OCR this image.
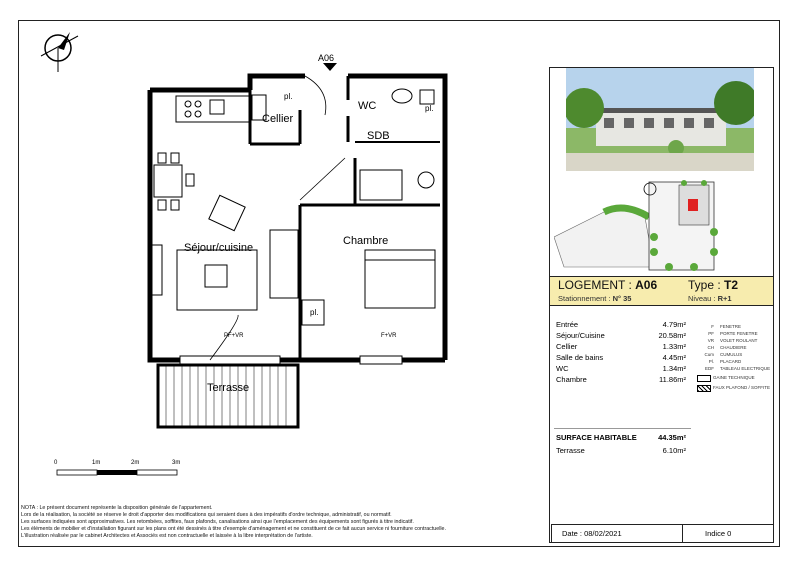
A06
WC
Cellier
SDB
Séjour/cuisine
Chambre
Terrasse
pl.
pl.
pl.
PF+VR	F+VR
0	1m	2m	3m
LOGEMENT : A06	Type : T2
Stationnement : N° 35	Niveau : R+1
Entrée	4.79m²
Séjour/Cuisine	20.58m²
Cellier	1.33m²
Salle de bains	4.45m²
WC	1.34m²
Chambre	11.86m²
SURFACE HABITABLE	44.35m²
Terrasse	6.10m²
F FENETRE
PF PORTE FENETRE
VR VOLET ROULANT
CH CHAUDIERE
Cum CUMULUS
Pl. PLACARD
EDF TABLEAU ELECTRIQUE
GAINE TECHNIQUE
FAUX PLAFOND / SOFFITE
NOTA : Le présent document représente la disposition générale de l'appartement.
Lors de la réalisation, la société se réserve le droit d'apporter des modifications qui seraient dues à des impératifs d'ordre technique, administratif, ou normatif.
Les surfaces indiquées sont approximatives. Les retombées, soffites, faux plafonds, canalisations ainsi que l'emplacement des équipements sont figurés à titre indicatif.
Les éléments de mobilier et d'installation figurant sur les plans ont été dessinés à titre d'exemple d'aménagement et ne constituent de ce fait aucun service ni fourniture contractuelle.
L'illustration réalisée par le cabinet Architectes et Associés est non contractuelle et laissée à la libre interprétation de l'artiste.	Date : 08/02/2021	Indice 0
